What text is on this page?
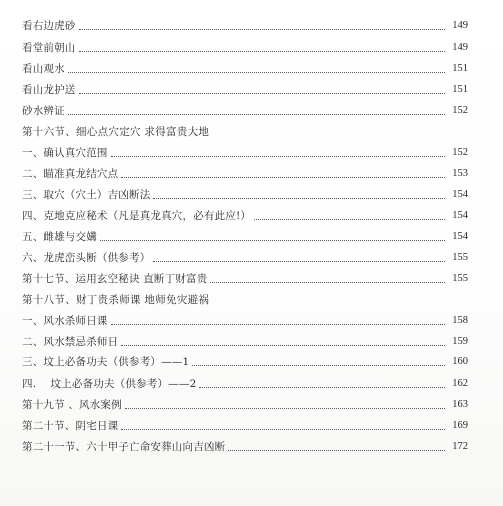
看右边虎砂	149
看堂前朝山	149
看山观水	151
看山龙护送	151
砂水辨证	152
第十六节、细心点穴定穴 求得富贵大地
一、确认真穴范围	152
二、瞄准真龙结穴点	153
三、取穴（穴土）吉凶断法	154
四、克地克应秘术（凡是真龙真穴，必有此应!）	154
五、雌雄与交媾	154
六、龙虎峦头断（供参考）	155
第十七节、运用玄空秘诀 直断丁财富贵	155
第十八节、财丁贵杀师课 地师免灾避祸
一、风水杀师日课	158
二、风水禁忌杀师日	159
三、坟上必备功夫（供参考）——1	160
四.　 坟上必备功夫（供参考）——2	162
第十九节 、风水案例	163
第二十节、阴宅日课	169
第二十一节、六十甲子亡命安葬山向吉凶断	172
